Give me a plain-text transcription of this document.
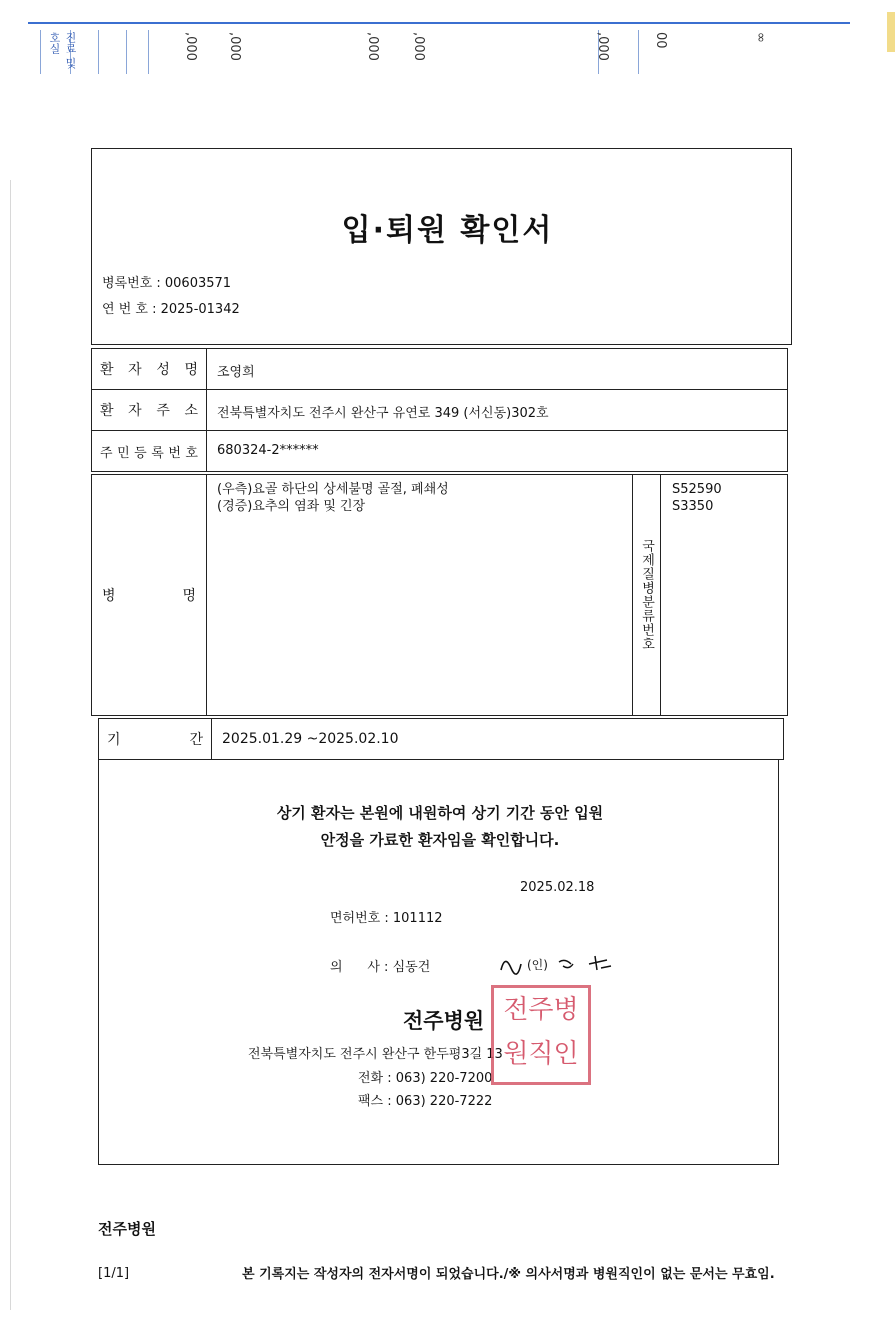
진료 및 호실	,000 ,000	,000 ,000	,000	00	∞
입·퇴원 확인서
병록번호 : 00603571
연 번 호 : 2025-01342
환 자 성 명 조영희
환 자 주 소 전북특별자치도 전주시 완산구 유연로 349 (서신동)302호
주 민 등 록 번 호 680324-2******
병	명
(우측)요골 하단의 상세불명 골절, 폐쇄성
(경증)요추의 염좌 및 긴장
국제질병분류번호
S52590
S3350
기	간 2025.01.29 ~2025.02.10
상기 환자는 본원에 내원하여 상기 기간 동안 입원
안정을 가료한 환자임을 확인합니다.
2025.02.18
면허번호 : 101112
의      사 : 심동건	(인)
전주병원
전북특별자치도 전주시 완산구 한두평3길 13
전화 : 063) 220-7200
팩스 : 063) 220-7222
전주병
원직인
전주병원
[1/1]	본 기록지는 작성자의 전자서명이 되었습니다./※ 의사서명과 병원직인이 없는 문서는 무효임.
